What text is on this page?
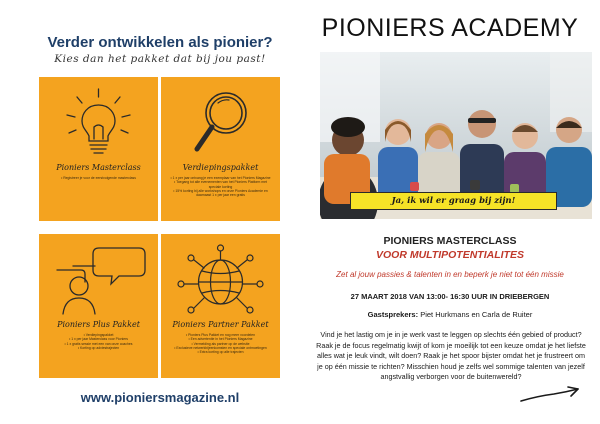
Verder ontwikkelen als pionier?
Kies dan het pakket dat bij jou past!
Pioniers Masterclass
• Registreer je voor de eerstvolgende masterclass
Verdiepingspakket
• 1 x per jaar ontvang je een exemplaar van het Pioniers Magazine
• Toegang tot alle evenementen van het Pioniers Platform met speciale korting
• 15% korting bij alle workshops en onze Pioniers Academie en daarnaast 1 x per jaar een gratis
Pioniers Plus Pakket
• Verdiepingspakket
• 1 x per jaar Masterclass voor Pioniers
• 1 x gratis sessie met een van onze coaches
• Korting op adviestrajecten
Pioniers Partner Pakket
• Pioniers Plus Pakket en nog meer voordelen
• Een advertentie in het Pioniers Magazine
• Vermelding als partner op de website
• Exclusieve netwerkbijeenkomsten en speciale ontmoetingen
• Extra korting op alle trajecten
www.pioniersmagazine.nl
PIONIERS ACADEMY
Ja, ik wil er graag bij zijn!
PIONIERS MASTERCLASS
VOOR MULTIPOTENTIALITES
Zet al jouw passies & talenten in en beperk je niet tot één missie
27 MAART 2018 VAN 13:00- 16:30 UUR IN DRIEBERGEN
Gastsprekers: Piet Hurkmans en Carla de Ruiter
Vind je het lastig om je in je werk vast te leggen op slechts één gebied of product? Raak je de focus regelmatig kwijt of kom je moeilijk tot een keuze omdat je het liefste alles wat je leuk vindt, wilt doen? Raak je het spoor bijster omdat het je frustreert om je op één missie te richten? Misschien houd je zelfs wel sommige talenten van jezelf angstvallig verborgen voor de buitenwereld?
